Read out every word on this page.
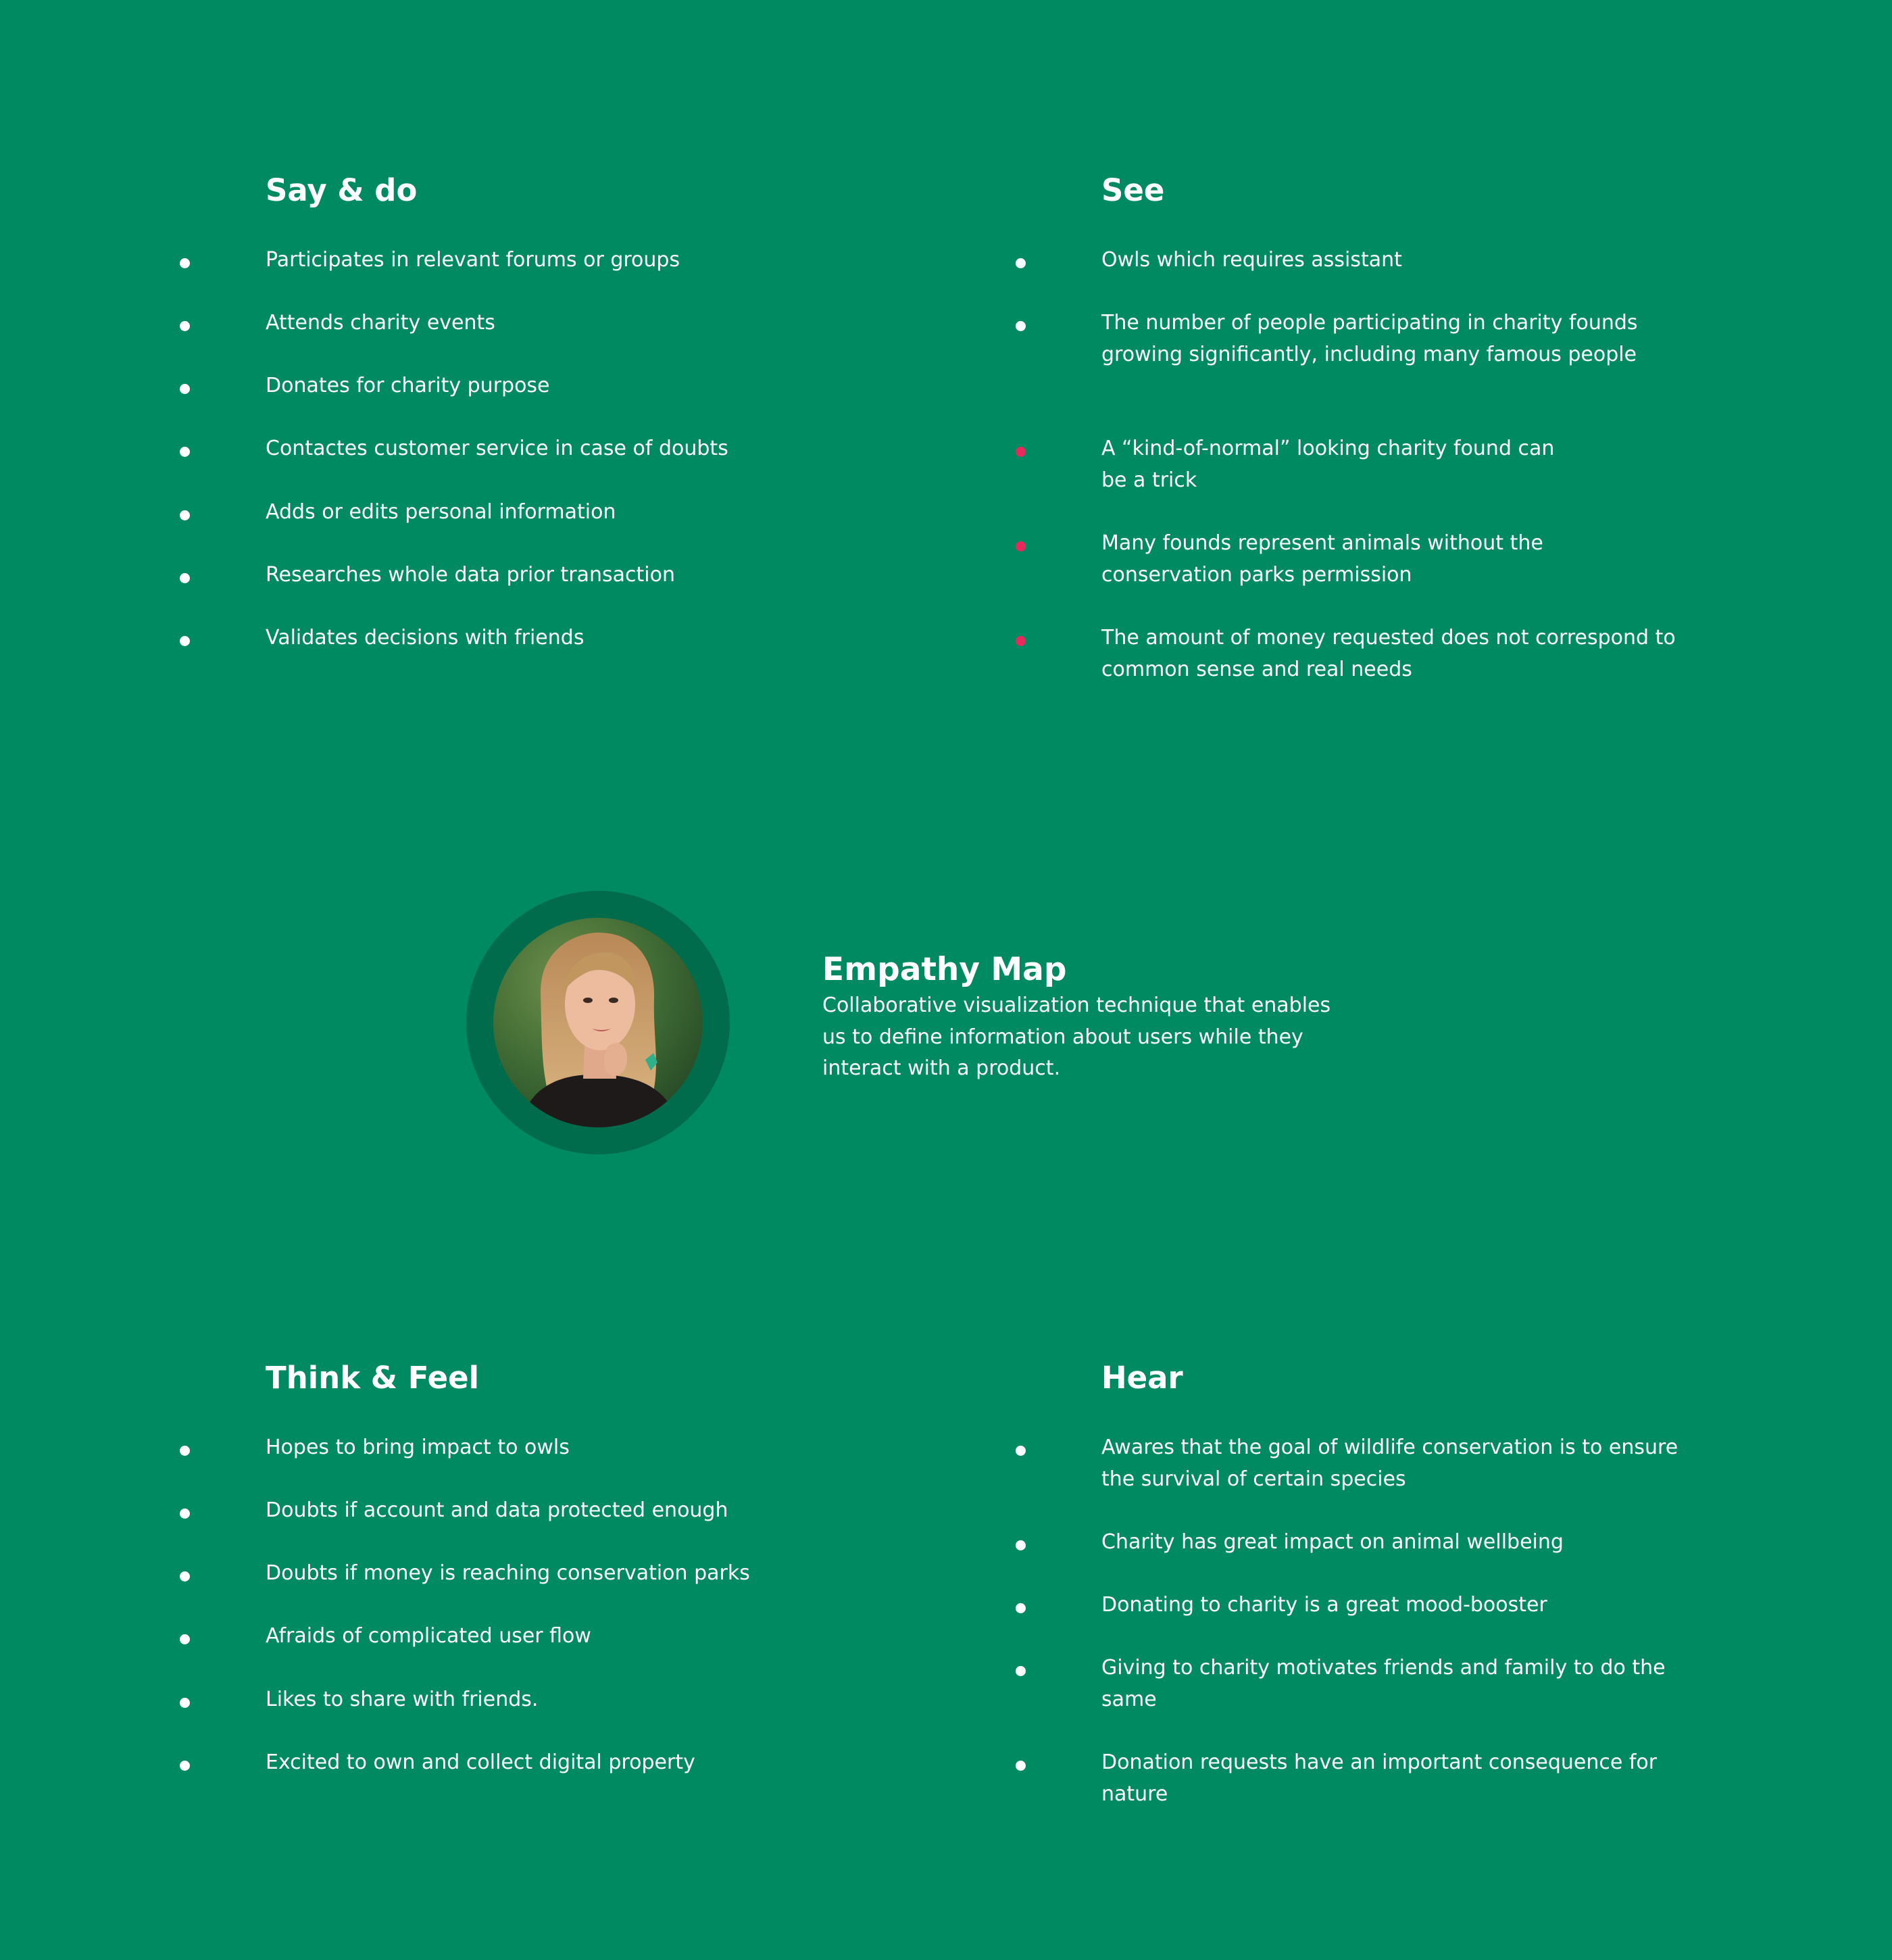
Say & do
Participates in relevant forums or groups
Attends charity events
Donates for charity purpose
Contactes customer service in case of doubts
Adds or edits personal information
Researches whole data prior transaction
Validates decisions with friends
See
Owls which requires assistant
The number of people participating in charity founds growing significantly, including many famous people
A “kind-of-normal” looking charity found can be a trick
Many founds represent animals without the conservation parks permission
The amount of money requested does not correspond to common sense and real needs
Empathy Map

Collaborative visualization technique that enables us to define information about users while they interact with a product.

Think & Feel
Hopes to bring impact to owls
Doubts if account and data protected enough
Doubts if money is reaching conservation parks
Afraids of complicated user flow
Likes to share with friends.
Excited to own and collect digital property
Hear
Awares that the goal of wildlife conservation is to ensure the survival of certain species
Charity has great impact on animal wellbeing
Donating to charity is a great mood-booster
Giving to charity motivates friends and family to do the same
Donation requests have an important consequence for nature
